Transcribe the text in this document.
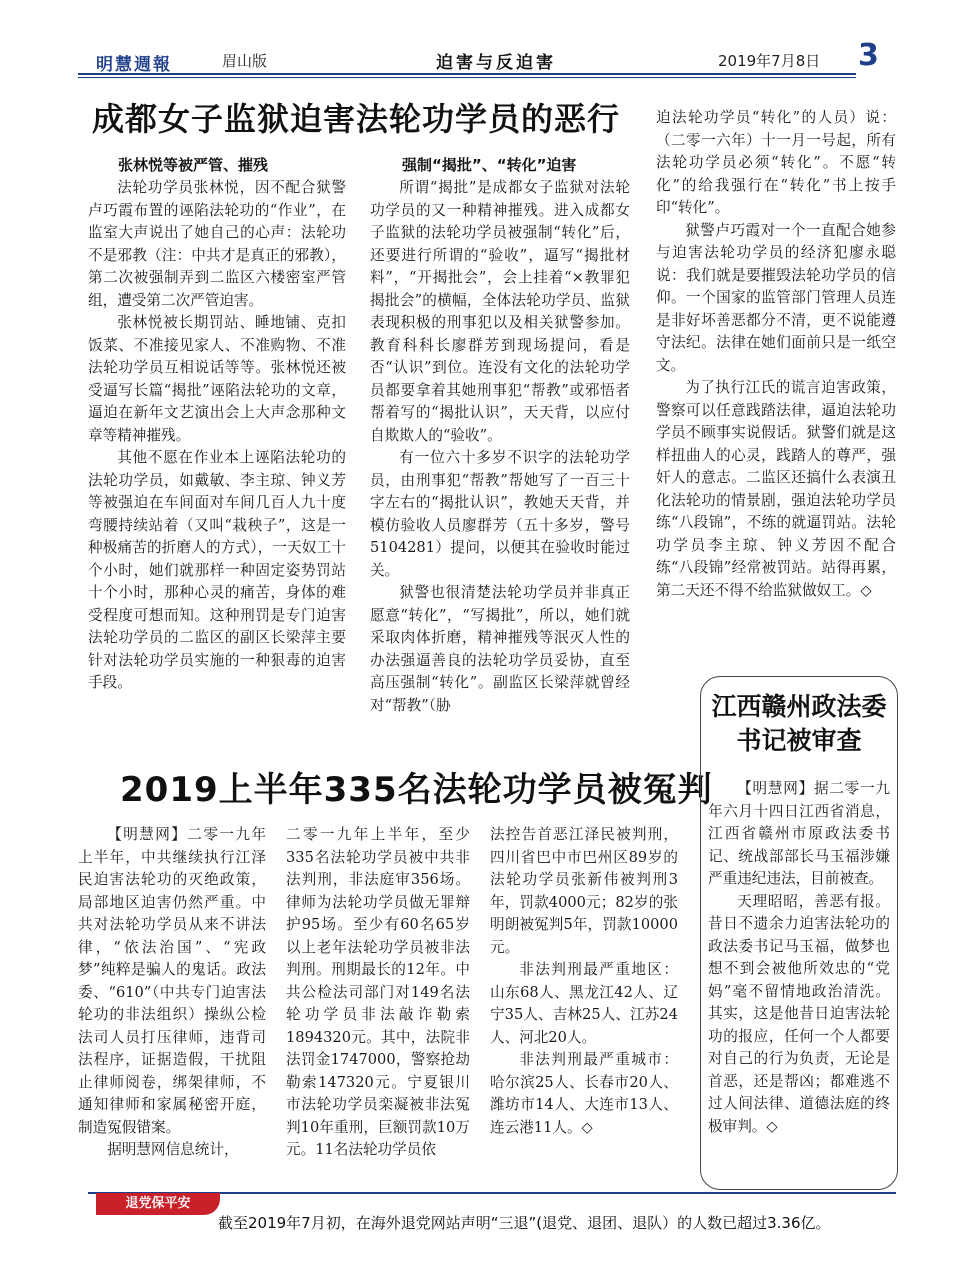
明慧週報	眉山版	迫害与反迫害	2019年7月8日 3
成都女子监狱迫害法轮功学员的恶行
张林悦等被严管、摧残

法轮功学员张林悦，因不配合狱警卢巧霞布置的诬陷法轮功的“作业”，在监室大声说出了她自己的心声：法轮功不是邪教（注：中共才是真正的邪教），第二次被强制弄到二监区六楼密室严管组，遭受第二次严管迫害。

张林悦被长期罚站、睡地铺、克扣饭菜、不准接见家人、不准购物、不准法轮功学员互相说话等等。张林悦还被受逼写长篇“揭批”诬陷法轮功的文章，逼迫在新年文艺演出会上大声念那种文章等精神摧残。

其他不愿在作业本上诬陷法轮功的法轮功学员，如戴敏、李主琼、钟义芳等被强迫在车间面对车间几百人九十度弯腰持续站着（又叫“栽秧子”，这是一种极痛苦的折磨人的方式），一天奴工十个小时，她们就那样一种固定姿势罚站十个小时，那种心灵的痛苦，身体的难受程度可想而知。这种刑罚是专门迫害法轮功学员的二监区的副区长梁萍主要针对法轮功学员实施的一种狠毒的迫害手段。

强制“揭批”、“转化”迫害

所谓“揭批”是成都女子监狱对法轮功学员的又一种精神摧残。进入成都女子监狱的法轮功学员被强制“转化”后，还要进行所谓的“验收”，逼写“揭批材料”，“开揭批会”，会上挂着“×教罪犯揭批会”的横幅，全体法轮功学员、监狱表现积极的刑事犯以及相关狱警参加。教育科科长廖群芳到现场提问，看是否“认识”到位。连没有文化的法轮功学员都要拿着其她刑事犯“帮教”或邪悟者帮着写的“揭批认识”，天天背，以应付自欺欺人的“验收”。

有一位六十多岁不识字的法轮功学员，由刑事犯“帮教”帮她写了一百三十字左右的“揭批认识”，教她天天背，并模仿验收人员廖群芳（五十多岁，警号5104281）提问，以便其在验收时能过关。

狱警也很清楚法轮功学员并非真正愿意“转化”，“写揭批”，所以，她们就采取肉体折磨，精神摧残等泯灭人性的办法强逼善良的法轮功学员妥协，直至高压强制“转化”。副监区长梁萍就曾经对“帮教”（胁

迫法轮功学员“转化”的人员）说：（二零一六年）十一月一号起，所有法轮功学员必须“转化”。不愿“转化”的给我强行在“转化”书上按手印“转化”。

狱警卢巧霞对一个一直配合她参与迫害法轮功学员的经济犯廖永聪说：我们就是要摧毁法轮功学员的信仰。一个国家的监管部门管理人员连是非好坏善恶都分不清，更不说能遵守法纪。法律在她们面前只是一纸空文。

为了执行江氏的谎言迫害政策，警察可以任意践踏法律，逼迫法轮功学员不顾事实说假话。狱警们就是这样扭曲人的心灵，践踏人的尊严，强奸人的意志。二监区还搞什么表演丑化法轮功的情景剧，强迫法轮功学员练“八段锦”，不练的就逼罚站。法轮功学员李主琼、钟义芳因不配合练“八段锦”经常被罚站。站得再累，第二天还不得不给监狱做奴工。◇

2019上半年335名法轮功学员被冤判

【明慧网】二零一九年上半年，中共继续执行江泽民迫害法轮功的灭绝政策，局部地区迫害仍然严重。中共对法轮功学员从来不讲法律，“依法治国”、“宪政梦”纯粹是骗人的鬼话。政法委、“610”（中共专门迫害法轮功的非法组织）操纵公检法司人员打压律师，违背司法程序，证据造假，干扰阻止律师阅卷，绑架律师，不通知律师和家属秘密开庭，制造冤假错案。

据明慧网信息统计，

二零一九年上半年，至少335名法轮功学员被中共非法判刑，非法庭审356场。律师为法轮功学员做无罪辩护95场。至少有60名65岁以上老年法轮功学员被非法判刑。刑期最长的12年。中共公检法司部门对149名法轮功学员非法敲诈勒索1894320元。其中，法院非法罚金1747000，警察抢劫勒索147320元。宁夏银川市法轮功学员栾凝被非法冤判10年重刑，巨额罚款10万元。11名法轮功学员依

法控告首恶江泽民被判刑，四川省巴中市巴州区89岁的法轮功学员张新伟被判刑3年，罚款4000元；82岁的张明朗被冤判5年，罚款10000元。

非法判刑最严重地区：山东68人、黑龙江42人、辽宁35人、吉林25人、江苏24人、河北20人。

非法判刑最严重城市：哈尔滨25人、长春市20人、潍坊市14人、大连市13人、连云港11人。◇

江西赣州政法委
书记被审查

【明慧网】据二零一九年六月十四日江西省消息，江西省赣州市原政法委书记、统战部部长马玉福涉嫌严重违纪违法，目前被查。

天理昭昭，善恶有报。昔日不遗余力迫害法轮功的政法委书记马玉福，做梦也想不到会被他所效忠的“党妈”毫不留情地政治清洗。其实，这是他昔日迫害法轮功的报应，任何一个人都要对自己的行为负责，无论是首恶，还是帮凶；都难逃不过人间法律、道德法庭的终极审判。◇

退党保平安
截至2019年7月初，在海外退党网站声明“三退”(退党、退团、退队）的人数已超过3.36亿。
